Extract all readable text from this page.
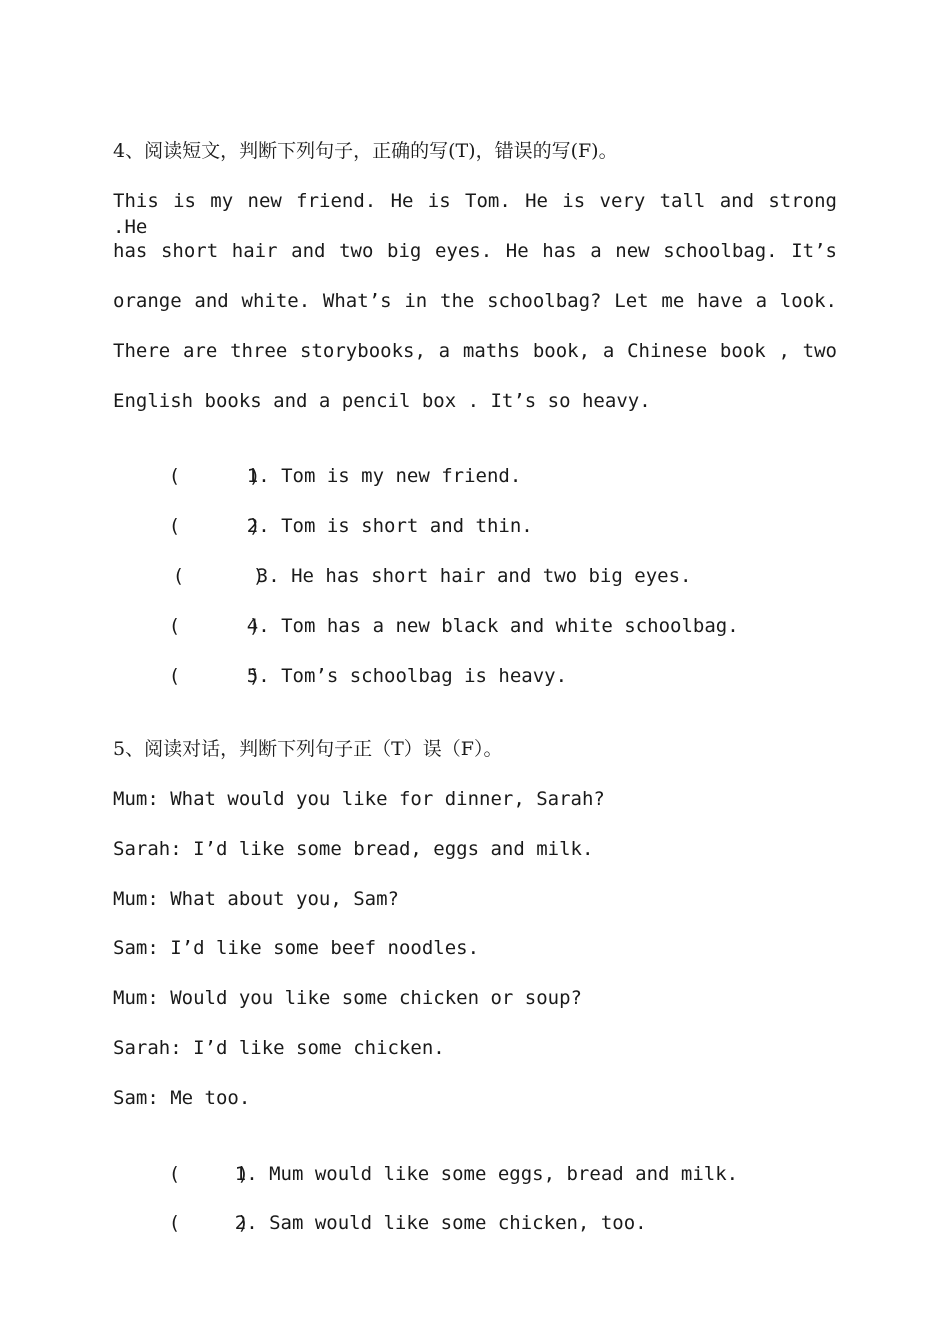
4、阅读短文，判断下列句子，正确的写(T)，错误的写(F)。
This is my new friend. He is Tom. He is very tall and strong .He
has short hair and two big eyes. He has a new schoolbag. It’s
orange and white. What’s in the schoolbag? Let me have a look.
There are three storybooks, a maths book, a Chinese book , two
English books and a pencil box . It’s so heavy.

(      )1. Tom is my new friend.

(      )2. Tom is short and thin.

(      )3. He has short hair and two big eyes.

(      )4. Tom has a new black and white schoolbag.

(      )5. Tom’s schoolbag is heavy.

5、阅读对话，判断下列句子正（T）误（F）。
Mum: What would you like for dinner, Sarah?
Sarah: I’d like some bread, eggs and milk.
Mum: What about you, Sam?
Sam: I’d like some beef noodles.
Mum: Would you like some chicken or soup?
Sarah: I’d like some chicken.
Sam: Me too.

(     )1. Mum would like some eggs, bread and milk.

(     )2. Sam would like some chicken, too.
